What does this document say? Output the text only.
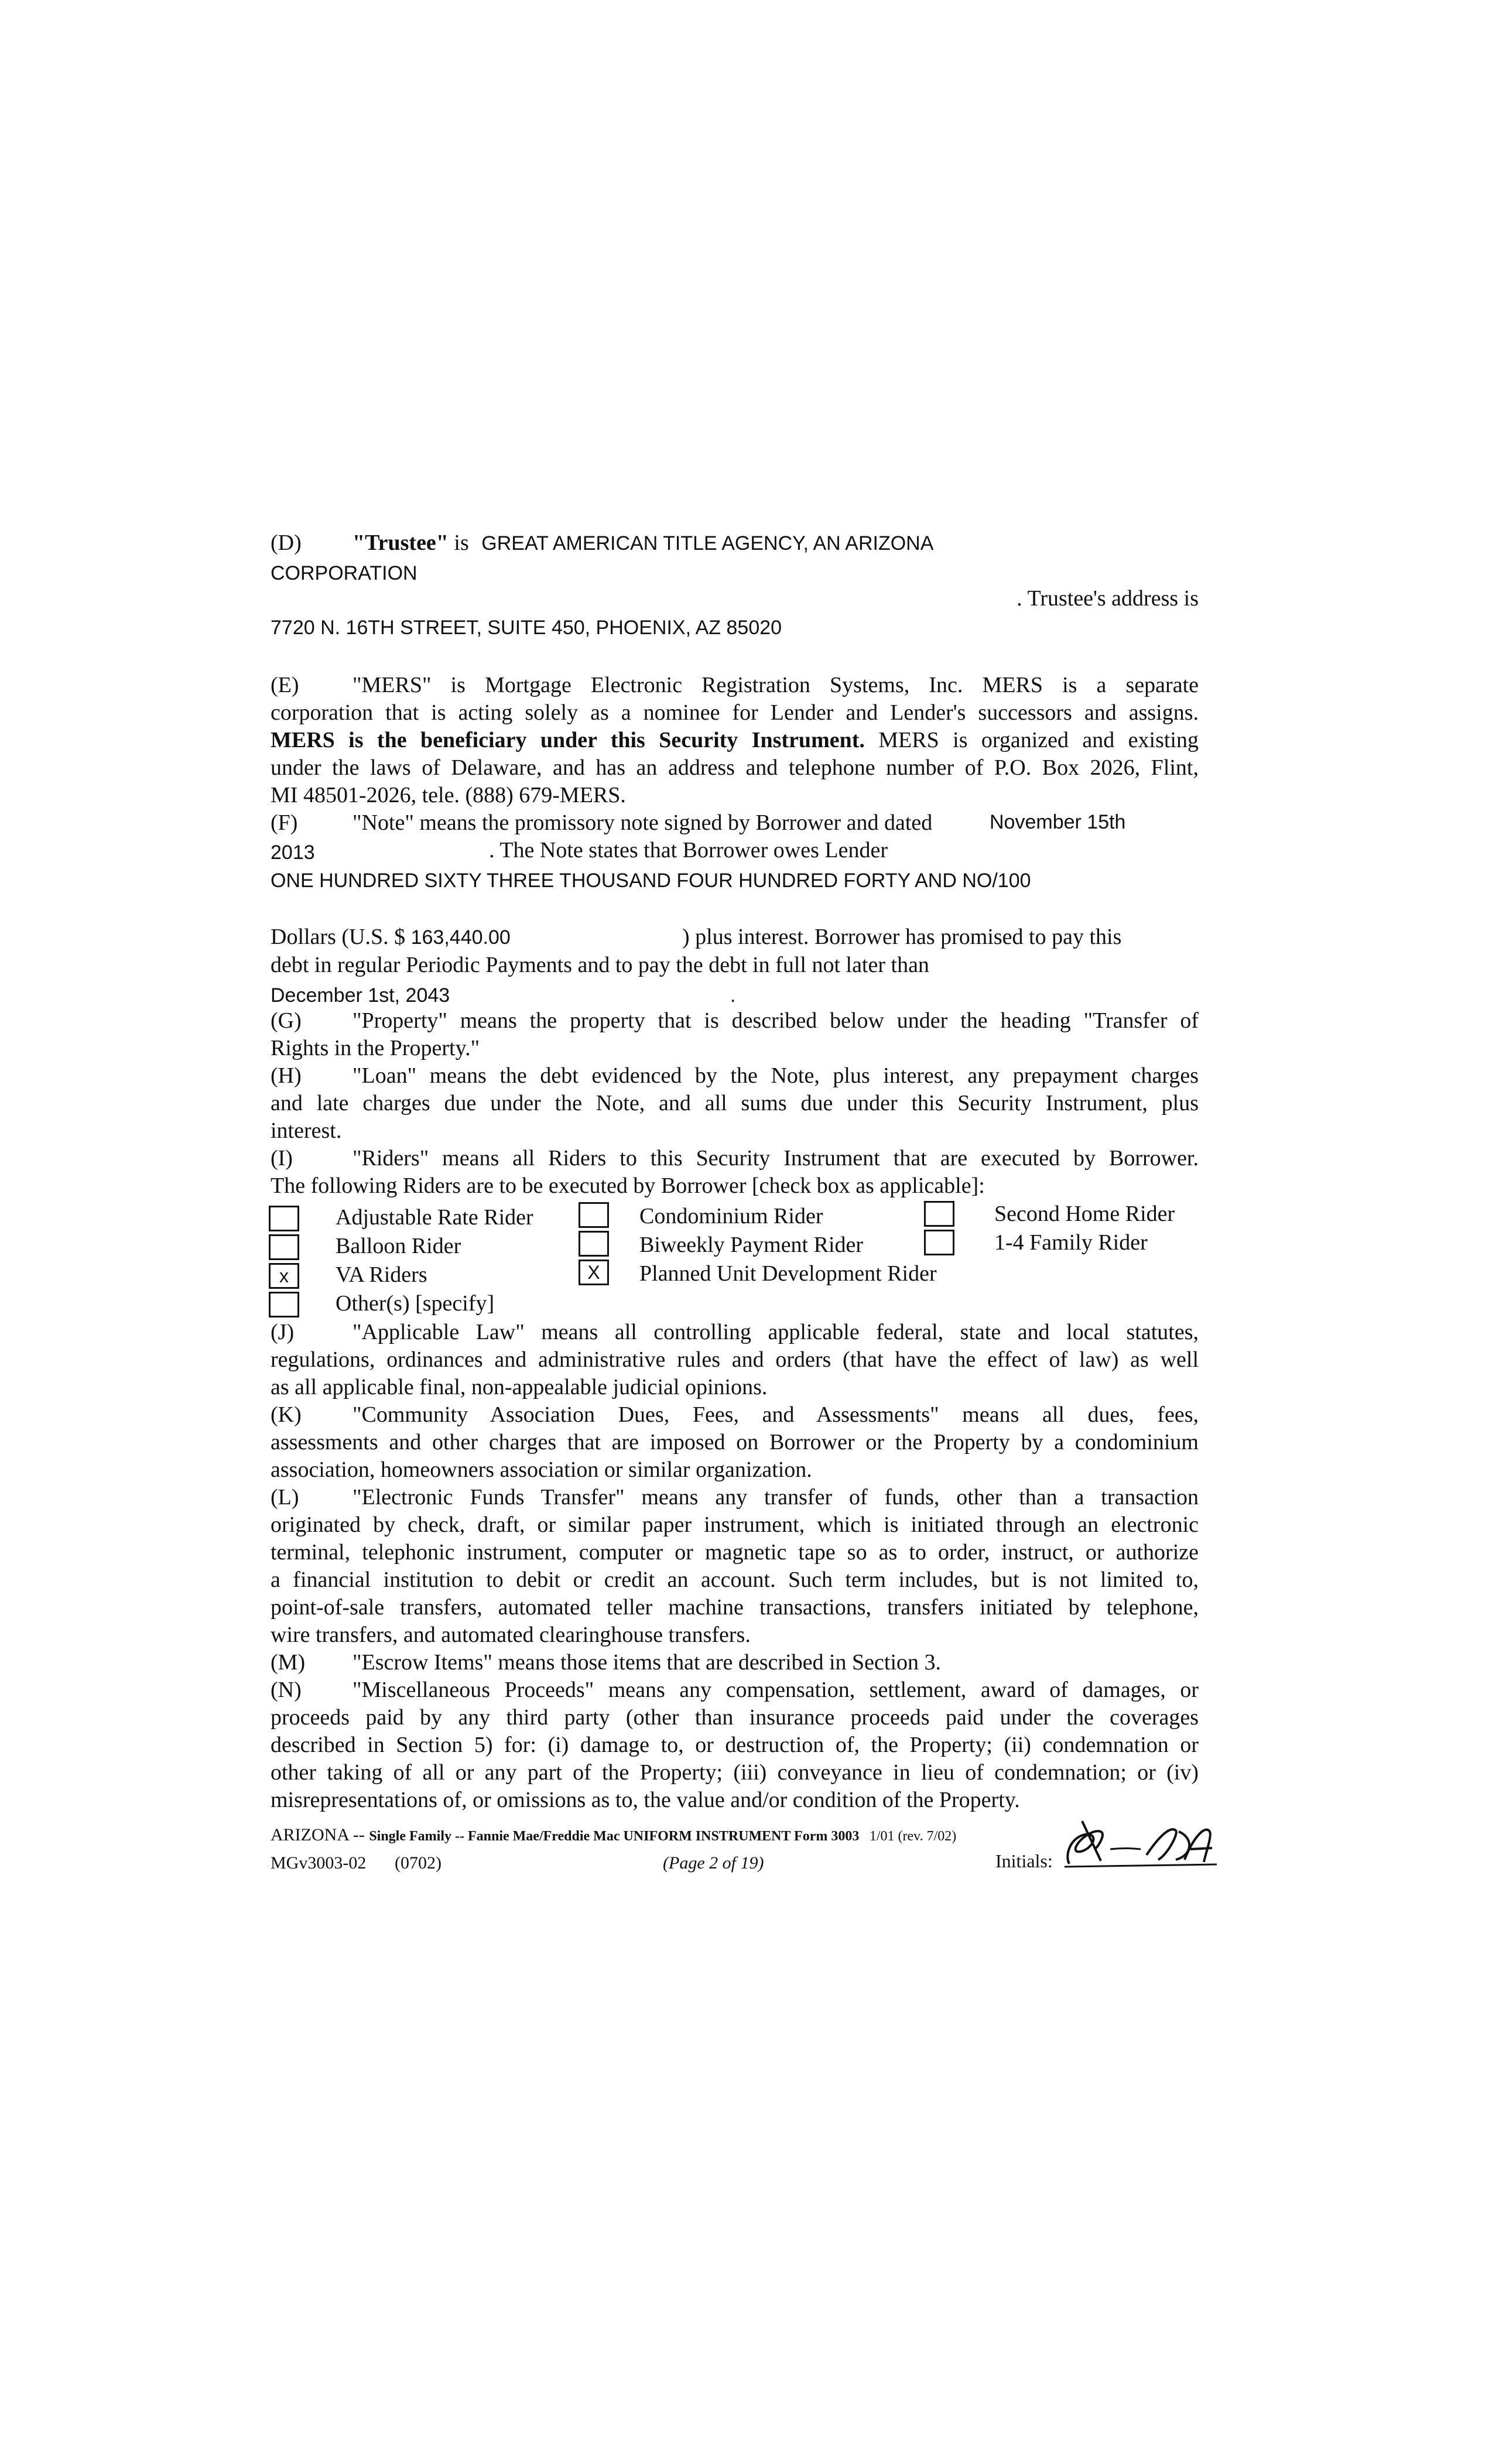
(D) "Trustee" is GREAT AMERICAN TITLE AGENCY, AN ARIZONA
CORPORATION
. Trustee's address is
7720 N. 16TH STREET, SUITE 450, PHOENIX, AZ 85020
(E) "MERS" is Mortgage Electronic Registration Systems, Inc. MERS is a separate
corporation that is acting solely as a nominee for Lender and Lender's successors and assigns.
MERS is the beneficiary under this Security Instrument. MERS is organized and existing
under the laws of Delaware, and has an address and telephone number of P.O. Box 2026, Flint,
MI 48501-2026, tele. (888) 679-MERS.
(F) "Note" means the promissory note signed by Borrower and dated	November 15th
2013	. The Note states that Borrower owes Lender
ONE HUNDRED SIXTY THREE THOUSAND FOUR HUNDRED FORTY AND NO/100
Dollars (U.S. $ 163,440.00	) plus interest. Borrower has promised to pay this
debt in regular Periodic Payments and to pay the debt in full not later than
December 1st, 2043	.
(G) "Property" means the property that is described below under the heading "Transfer of
Rights in the Property."
(H) "Loan" means the debt evidenced by the Note, plus interest, any prepayment charges
and late charges due under the Note, and all sums due under this Security Instrument, plus
interest.
(I)	"Riders" means all Riders to this Security Instrument that are executed by Borrower.
The following Riders are to be executed by Borrower [check box as applicable]:
Adjustable Rate Rider	Condominium Rider	Second Home Rider
Balloon Rider	Biweekly Payment Rider	1-4 Family Rider
x	VA Riders	X	Planned Unit Development Rider
Other(s) [specify]
(J)	"Applicable Law" means all controlling applicable federal, state and local statutes,
regulations, ordinances and administrative rules and orders (that have the effect of law) as well
as all applicable final, non-appealable judicial opinions.
(K) "Community Association Dues, Fees, and Assessments" means all dues, fees,
assessments and other charges that are imposed on Borrower or the Property by a condominium
association, homeowners association or similar organization.
(L) "Electronic Funds Transfer" means any transfer of funds, other than a transaction
originated by check, draft, or similar paper instrument, which is initiated through an electronic
terminal, telephonic instrument, computer or magnetic tape so as to order, instruct, or authorize
a financial institution to debit or credit an account. Such term includes, but is not limited to,
point-of-sale transfers, automated teller machine transactions, transfers initiated by telephone,
wire transfers, and automated clearinghouse transfers.
(M) "Escrow Items" means those items that are described in Section 3.
(N) "Miscellaneous Proceeds" means any compensation, settlement, award of damages, or
proceeds paid by any third party (other than insurance proceeds paid under the coverages
described in Section 5) for: (i) damage to, or destruction of, the Property; (ii) condemnation or
other taking of all or any part of the Property; (iii) conveyance in lieu of condemnation; or (iv)
misrepresentations of, or omissions as to, the value and/or condition of the Property.
ARIZONA -- Single Family -- Fannie Mae/Freddie Mac UNIFORM INSTRUMENT Form 3003 1/01 (rev. 7/02)
MGv3003-02 (0702)	(Page 2 of 19)	Initials:
